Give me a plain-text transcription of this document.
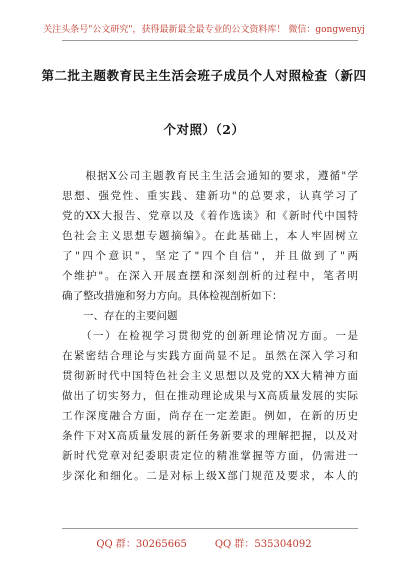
关注头条号"公文研究"，获得最新最全最专业的公文资料库！ 微信：gongwenyj
第二批主题教育民主生活会班子成员个人对照检查（新四
个对照）（2）

　　根据X公司主题教育民主生活会通知的要求，遵循"学

思想、强党性、重实践、建新功"的总要求，认真学习了

党的XX大报告、党章以及《着作选读》和《新时代中国特

色社会主义思想专题摘编》。在此基础上，本人牢固树立

了"四个意识"，坚定了"四个自信"，并且做到了"两

个维护"。在深入开展查摆和深刻剖析的过程中，笔者明

确了整改措施和努力方向。具体检视剖析如下：

　　一、存在的主要问题

　　（一）在检视学习贯彻党的创新理论情况方面。一是

在紧密结合理论与实践方面尚显不足。虽然在深入学习和

贯彻新时代中国特色社会主义思想以及党的XX大精神方面

做出了切实努力，但在推动理论成果与X高质量发展的实际

工作深度融合方面，尚存在一定差距。例如，在新的历史

条件下对X高质量发展的新任务新要求的理解把握，以及对

新时代党章对纪委职责定位的精准掌握等方面，仍需进一

步深化和细化。二是对标上级X部门规范及要求，本人的

QQ 群：30265665	QQ 群：535304092
